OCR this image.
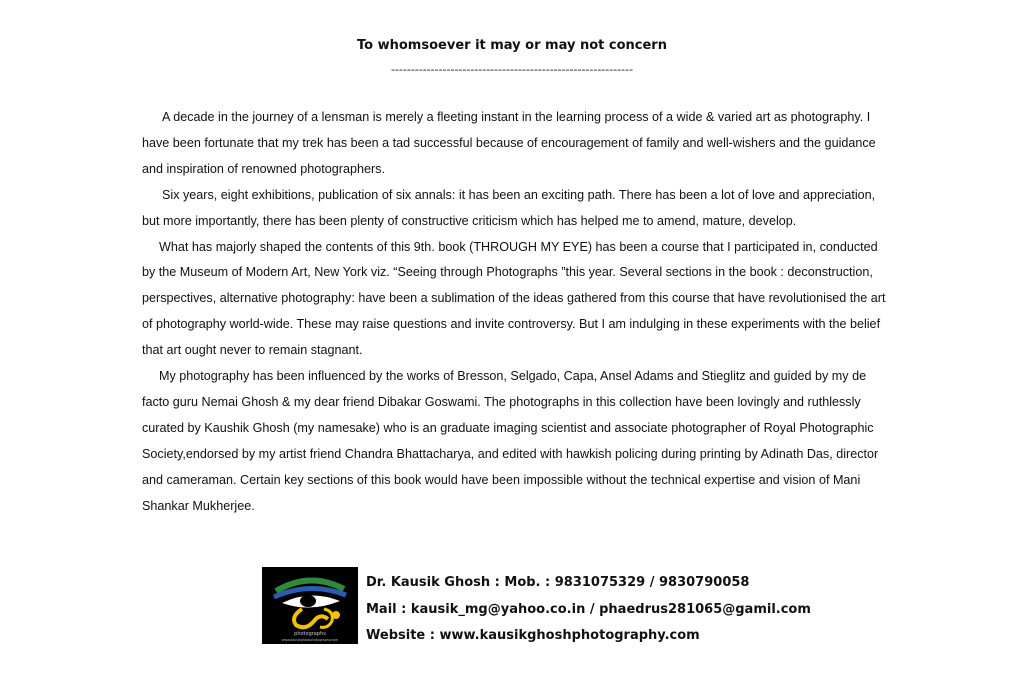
To whomsoever it may or may not concern
-------------------------------------------------------------

A decade in the journey of a lensman is merely a fleeting instant in the learning process of a wide & varied art as photography. I have been fortunate that my trek has been a tad successful because of encouragement of family and well-wishers and the guidance and inspiration of renowned photographers.

Six years, eight exhibitions, publication of six annals: it has been an exciting path. There has been a lot of love and appreciation, but more importantly, there has been plenty of constructive criticism which has helped me to amend, mature, develop.

What has majorly shaped the contents of this 9th. book (THROUGH MY EYE) has been a course that I participated in, conducted by the Museum of Modern Art, New York viz. “Seeing through Photographs ”this year. Several sections in the book : deconstruction, perspectives, alternative photography: have been a sublimation of the ideas gathered from this course that have revolutionised the art of photography world-wide. These may raise questions and invite controversy. But I am indulging in these experiments with the belief that art ought never to remain stagnant.

My photography has been influenced by the works of Bresson, Selgado, Capa, Ansel Adams and Stieglitz and guided by my de facto guru Nemai Ghosh & my dear friend Dibakar Goswami. The photographs in this collection have been lovingly and ruthlessly curated by Kaushik Ghosh (my namesake) who is an graduate imaging scientist and associate photographer of Royal Photographic Society,endorsed by my artist friend Chandra Bhattacharya, and edited with hawkish policing during printing by Adinath Das, director and cameraman. Certain key sections of this book would have been impossible without the technical expertise and vision of Mani Shankar Mukherjee.

photographs
www.kausikghoshphotography.com
Dr. Kausik Ghosh : Mob. : 9831075329 / 9830790058
Mail : kausik_mg@yahoo.co.in / phaedrus281065@gamil.com
Website : www.kausikghoshphotography.com
